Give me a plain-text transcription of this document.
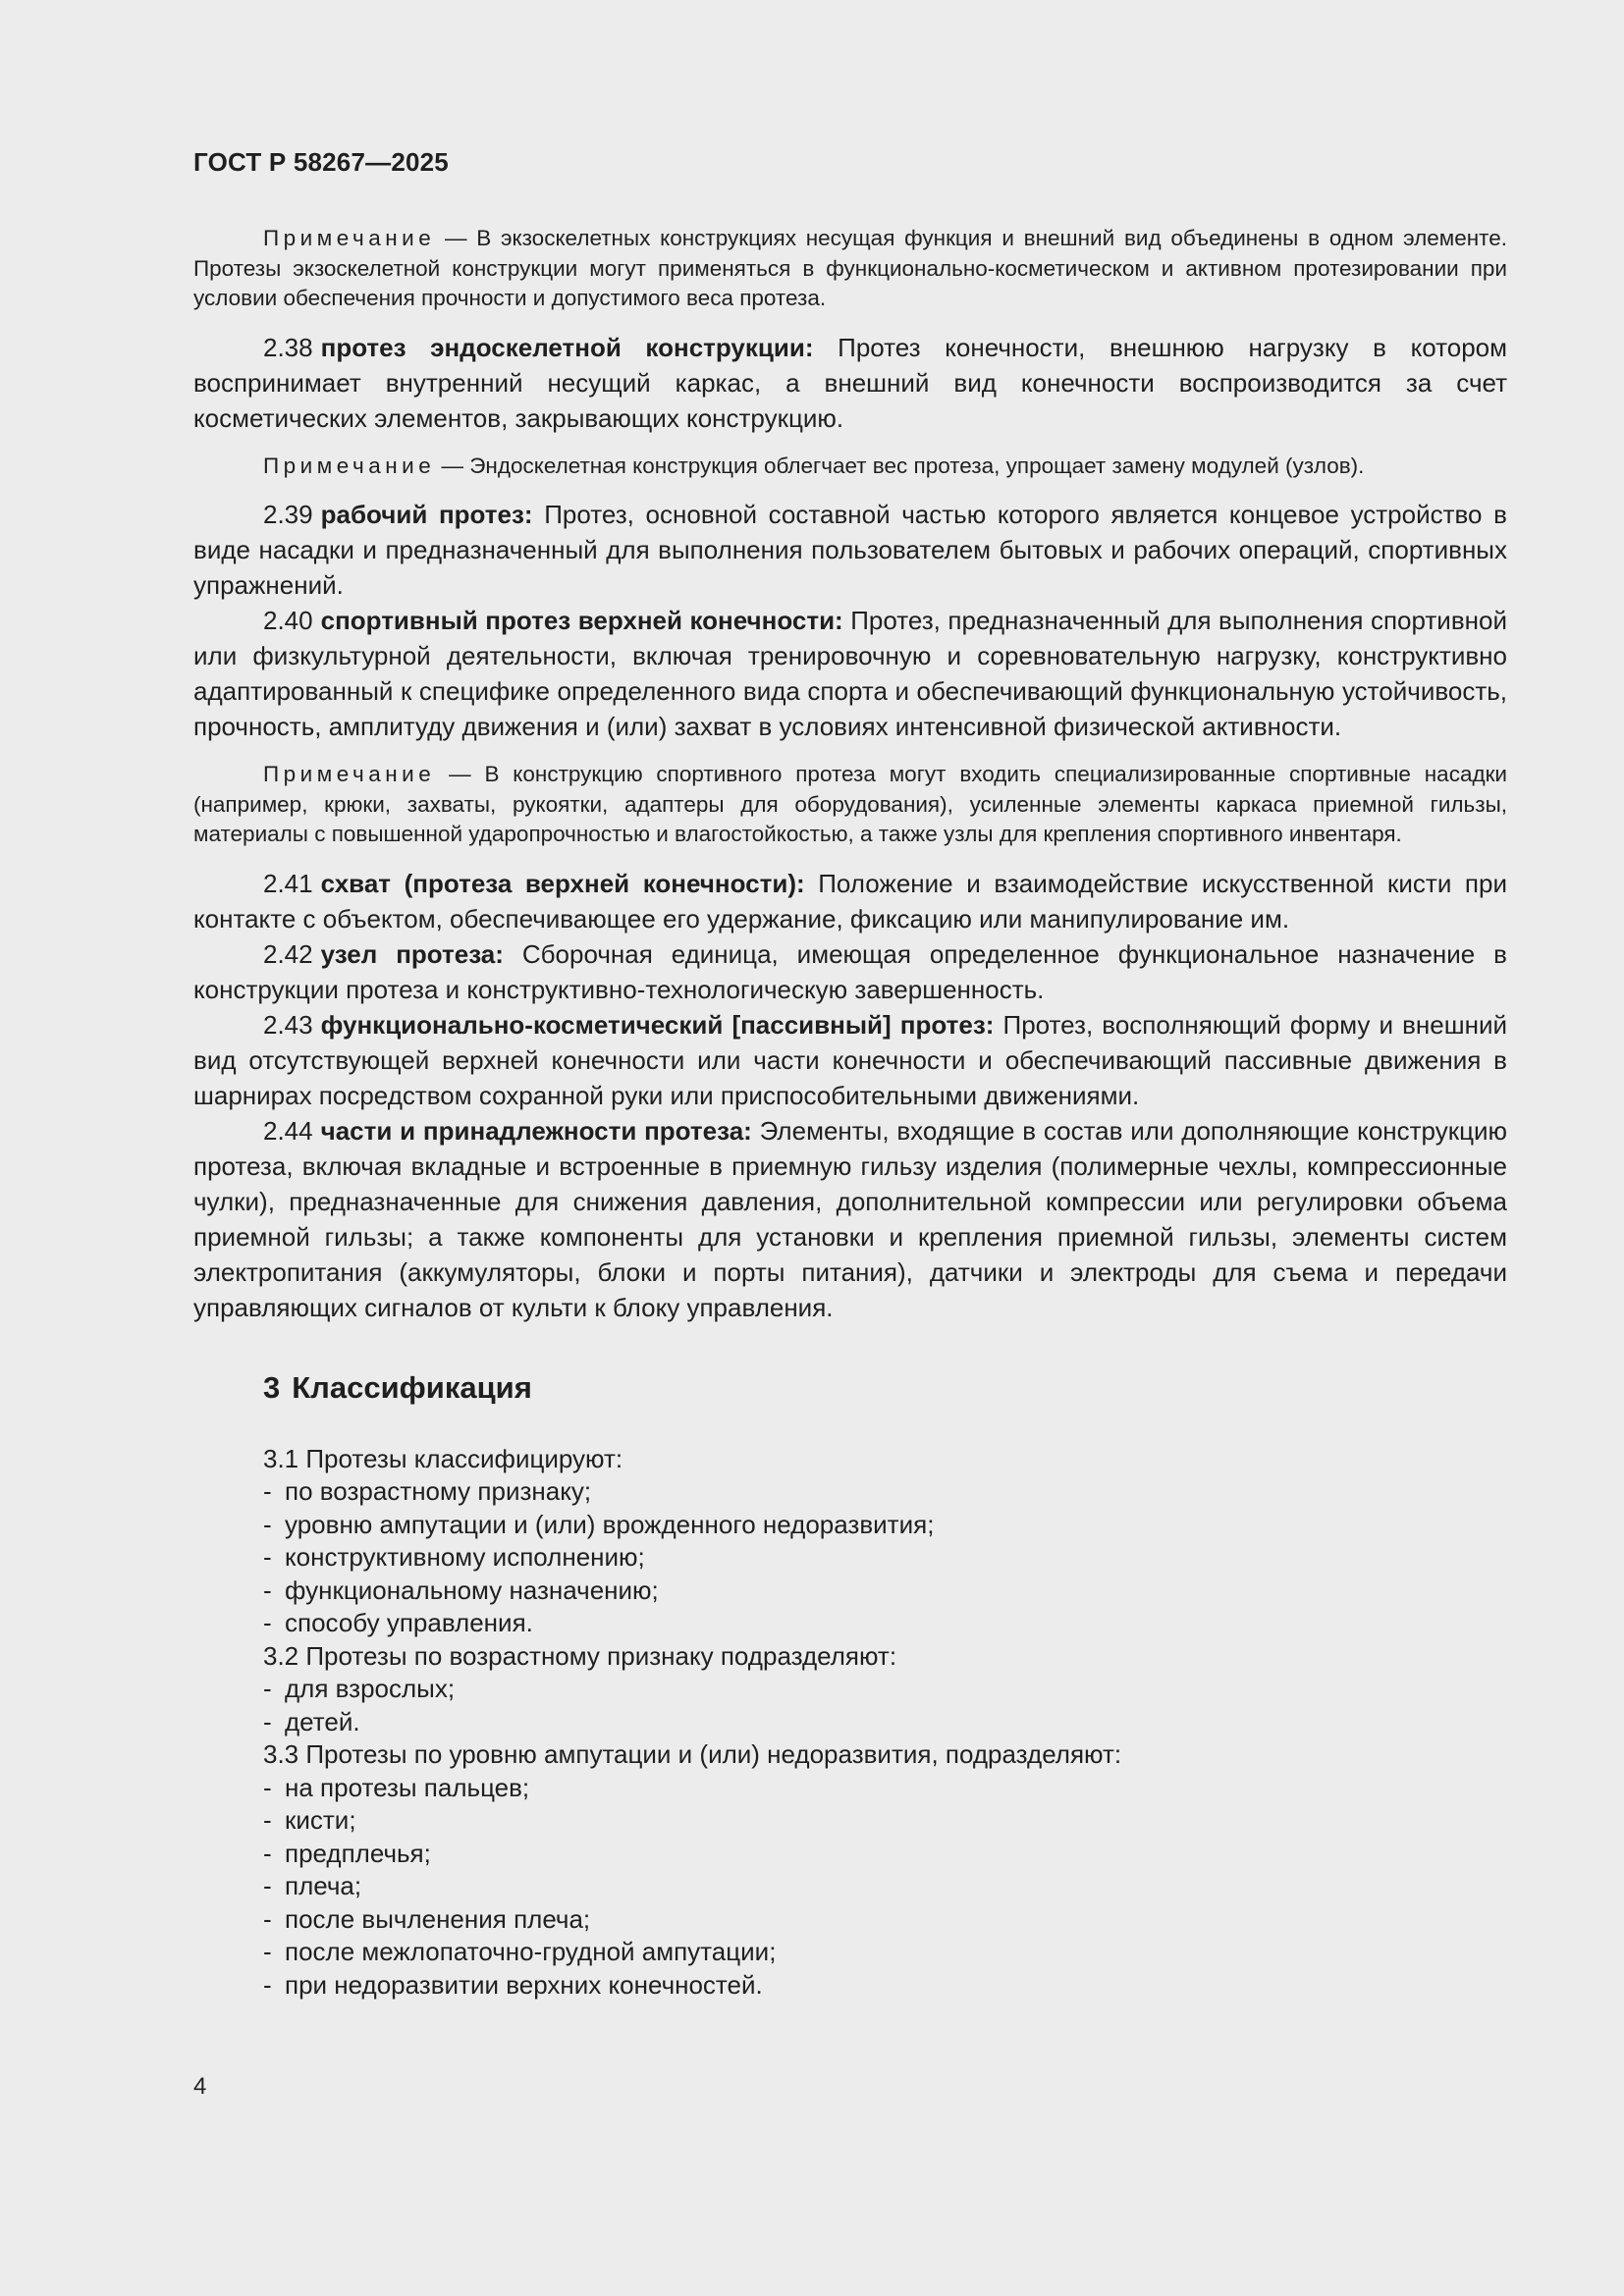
ГОСТ Р 58267—2025

Примечание — В экзоскелетных конструкциях несущая функция и внешний вид объединены в одном элементе. Протезы экзоскелетной конструкции могут применяться в функционально-косметическом и активном протезировании при условии обеспечения прочности и допустимого веса протеза.

2.38 протез эндоскелетной конструкции: Протез конечности, внешнюю нагрузку в котором воспринимает внутренний несущий каркас, а внешний вид конечности воспроизводится за счет косметических элементов, закрывающих конструкцию.

Примечание — Эндоскелетная конструкция облегчает вес протеза, упрощает замену модулей (узлов).

2.39 рабочий протез: Протез, основной составной частью которого является концевое устройство в виде насадки и предназначенный для выполнения пользователем бытовых и рабочих операций, спортивных упражнений.

2.40 спортивный протез верхней конечности: Протез, предназначенный для выполнения спортивной или физкультурной деятельности, включая тренировочную и соревновательную нагрузку, конструктивно адаптированный к специфике определенного вида спорта и обеспечивающий функциональную устойчивость, прочность, амплитуду движения и (или) захват в условиях интенсивной физической активности.

Примечание — В конструкцию спортивного протеза могут входить специализированные спортивные насадки (например, крюки, захваты, рукоятки, адаптеры для оборудования), усиленные элементы каркаса приемной гильзы, материалы с повышенной ударопрочностью и влагостойкостью, а также узлы для крепления спортивного инвентаря.

2.41 схват (протеза верхней конечности): Положение и взаимодействие искусственной кисти при контакте с объектом, обеспечивающее его удержание, фиксацию или манипулирование им.

2.42 узел протеза: Сборочная единица, имеющая определенное функциональное назначение в конструкции протеза и конструктивно-технологическую завершенность.

2.43 функционально-косметический [пассивный] протез: Протез, восполняющий форму и внешний вид отсутствующей верхней конечности или части конечности и обеспечивающий пассивные движения в шарнирах посредством сохранной руки или приспособительными движениями.

2.44 части и принадлежности протеза: Элементы, входящие в состав или дополняющие конструкцию протеза, включая вкладные и встроенные в приемную гильзу изделия (полимерные чехлы, компрессионные чулки), предназначенные для снижения давления, дополнительной компрессии или регулировки объема приемной гильзы; а также компоненты для установки и крепления приемной гильзы, элементы систем электропитания (аккумуляторы, блоки и порты питания), датчики и электроды для съема и передачи управляющих сигналов от культи к блоку управления.

3 Классификация
3.1 Протезы классифицируют:
- по возрастному признаку;
- уровню ампутации и (или) врожденного недоразвития;
- конструктивному исполнению;
- функциональному назначению;
- способу управления.
3.2 Протезы по возрастному признаку подразделяют:
- для взрослых;
- детей.
3.3 Протезы по уровню ампутации и (или) недоразвития, подразделяют:
- на протезы пальцев;
- кисти;
- предплечья;
- плеча;
- после вычленения плеча;
- после межлопаточно-грудной ампутации;
- при недоразвитии верхних конечностей.
4
